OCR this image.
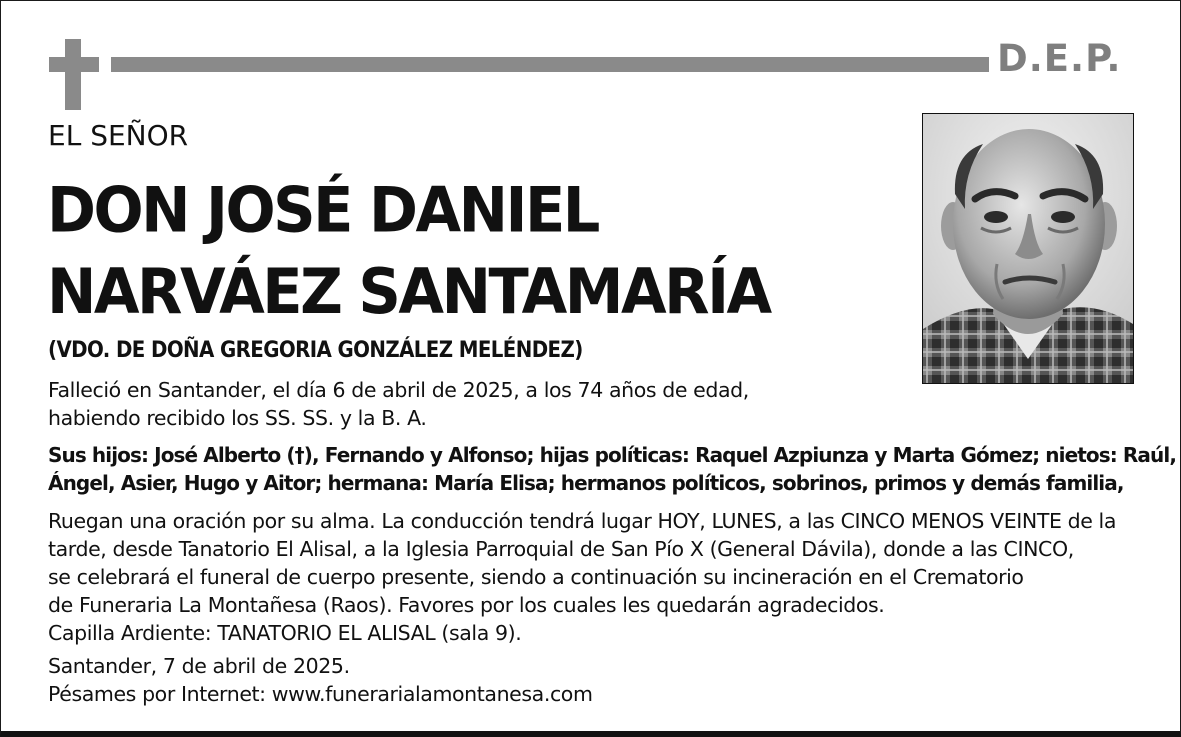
D.E.P.
EL SEÑOR
DON JOSÉ DANIEL
NARVÁEZ SANTAMARÍA
(VDO. DE DOÑA GREGORIA GONZÁLEZ MELÉNDEZ)
Falleció en Santander, el día 6 de abril de 2025, a los 74 años de edad,
habiendo recibido los SS. SS. y la B. A.
Sus hijos: José Alberto (†), Fernando y Alfonso; hijas políticas: Raquel Azpiunza y Marta Gómez; nietos: Raúl,
Ángel, Asier, Hugo y Aitor; hermana: María Elisa; hermanos políticos, sobrinos, primos y demás familia,
Ruegan una oración por su alma. La conducción tendrá lugar HOY, LUNES, a las CINCO MENOS VEINTE de la
tarde, desde Tanatorio El Alisal, a la Iglesia Parroquial de San Pío X (General Dávila), donde a las CINCO,
se celebrará el funeral de cuerpo presente, siendo a continuación su incineración en el Crematorio
de Funeraria La Montañesa (Raos). Favores por los cuales les quedarán agradecidos.
Capilla Ardiente: TANATORIO EL ALISAL (sala 9).
Santander, 7 de abril de 2025.
Pésames por Internet: www.funerarialamontanesa.com
